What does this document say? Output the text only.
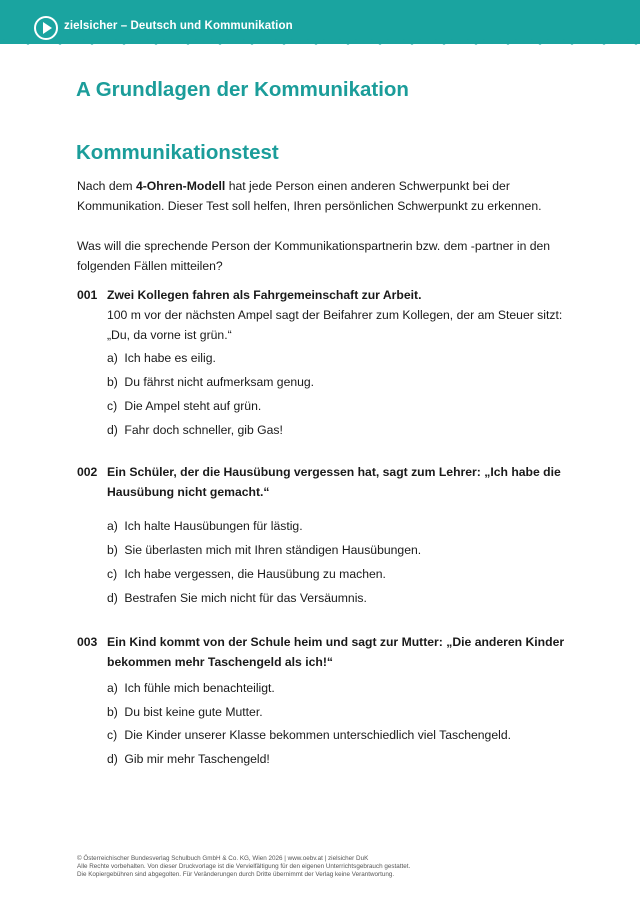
zielsicher – Deutsch und Kommunikation
A Grundlagen der Kommunikation
Kommunikationstest
Nach dem 4-Ohren-Modell hat jede Person einen anderen Schwerpunkt bei der Kommunikation. Dieser Test soll helfen, Ihren persönlichen Schwerpunkt zu erkennen.
Was will die sprechende Person der Kommunikationspartnerin bzw. dem -partner in den folgenden Fällen mitteilen?
001 Zwei Kollegen fahren als Fahrgemeinschaft zur Arbeit.
100 m vor der nächsten Ampel sagt der Beifahrer zum Kollegen, der am Steuer sitzt:
„Du, da vorne ist grün.“
a) Ich habe es eilig.
b) Du fährst nicht aufmerksam genug.
c) Die Ampel steht auf grün.
d) Fahr doch schneller, gib Gas!
002 Ein Schüler, der die Hausübung vergessen hat, sagt zum Lehrer: „Ich habe die Hausübung nicht gemacht.“
a) Ich halte Hausübungen für lästig.
b) Sie überlasten mich mit Ihren ständigen Hausübungen.
c) Ich habe vergessen, die Hausübung zu machen.
d) Bestrafen Sie mich nicht für das Versäumnis.
003 Ein Kind kommt von der Schule heim und sagt zur Mutter: „Die anderen Kinder bekommen mehr Taschengeld als ich!“
a) Ich fühle mich benachteiligt.
b) Du bist keine gute Mutter.
c) Die Kinder unserer Klasse bekommen unterschiedlich viel Taschengeld.
d) Gib mir mehr Taschengeld!
© Österreichischer Bundesverlag Schulbuch GmbH & Co. KG, Wien 2026 | www.oebv.at | zielsicher DuK
Alle Rechte vorbehalten. Von dieser Druckvorlage ist die Vervielfältigung für den eigenen Unterrichtsgebrauch gestattet.
Die Kopiergebühren sind abgegolten. Für Veränderungen durch Dritte übernimmt der Verlag keine Verantwortung.
